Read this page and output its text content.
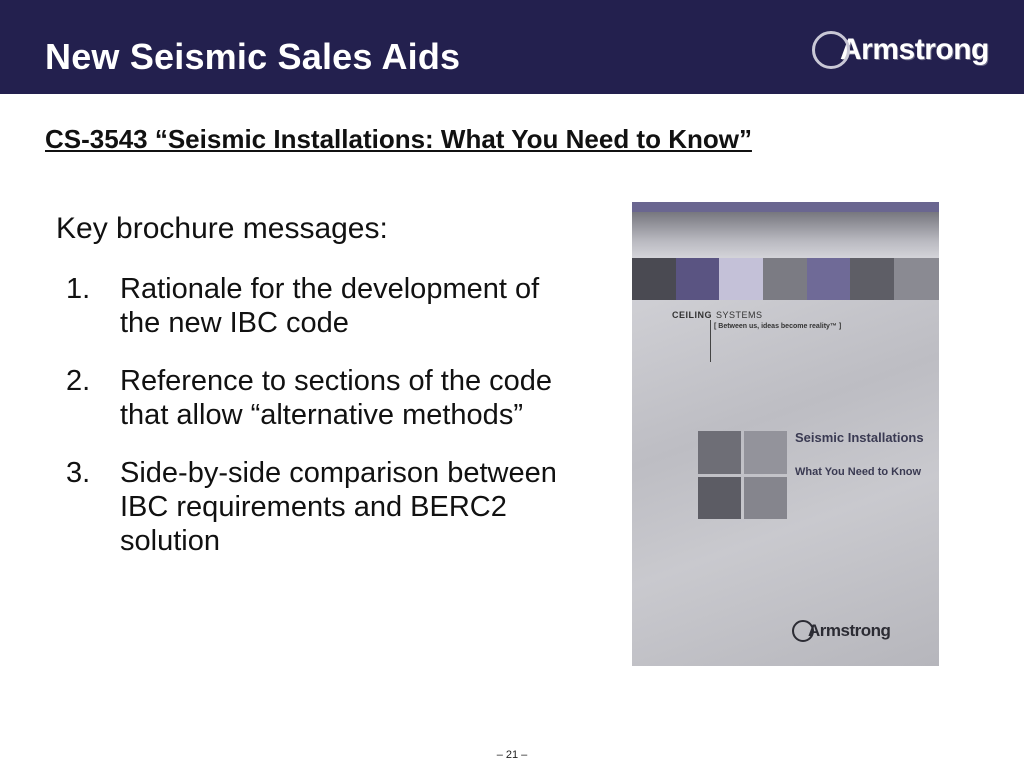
New Seismic Sales Aids	Armstrong
CS-3543 “Seismic Installations: What You Need to Know”
Key brochure messages:
1. Rationale for the development of the new IBC code
2. Reference to sections of the code that allow “alternative methods”
3. Side-by-side comparison between IBC requirements and BERC2 solution
CEILING SYSTEMS
[ Between us, ideas become reality™ ]
Seismic Installations
What You Need to Know
Armstrong
– 21 –
